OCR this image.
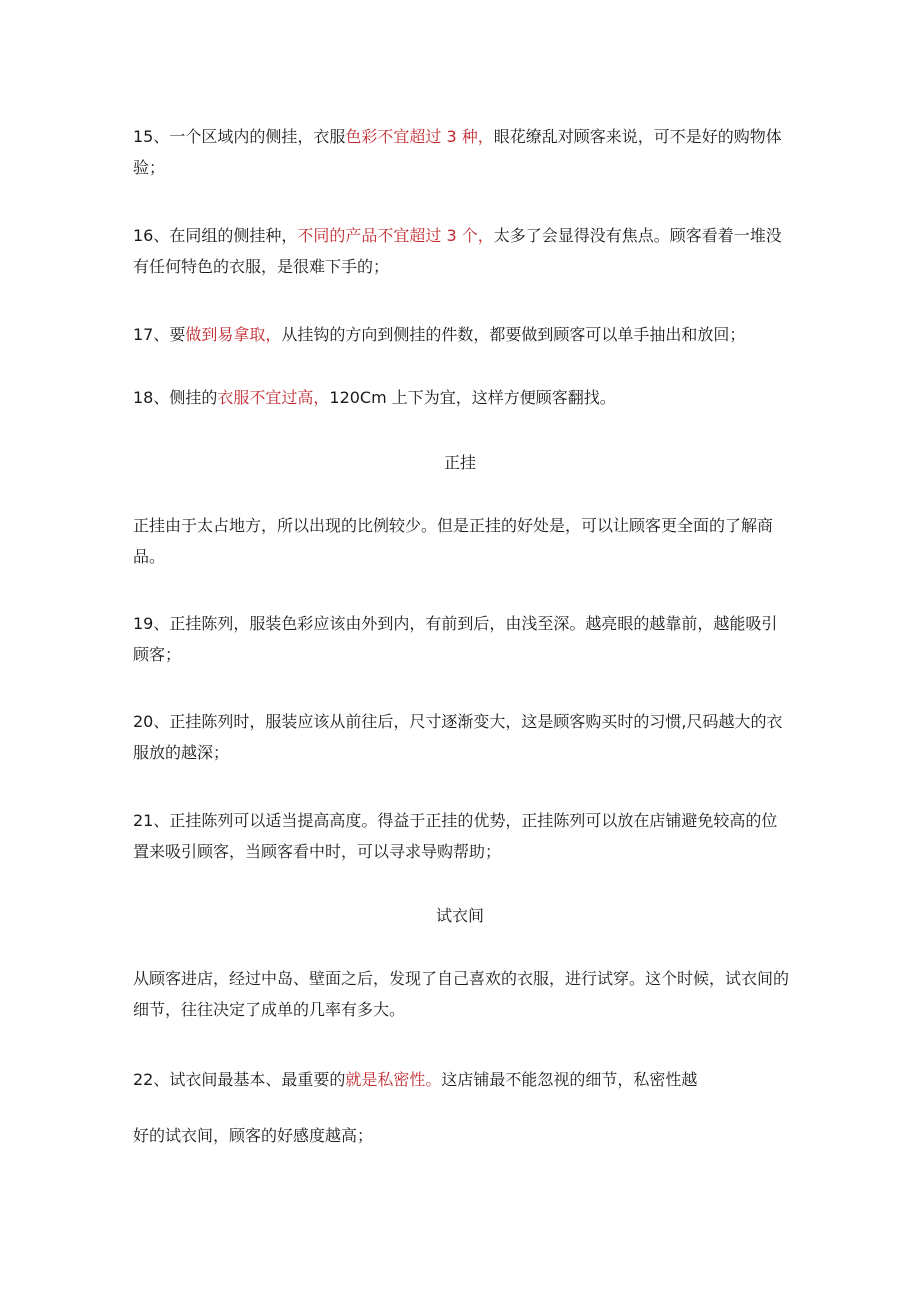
15、一个区域内的侧挂，衣服色彩不宜超过 3 种，眼花缭乱对顾客来说，可不是好的购物体验；

16、在同组的侧挂种，不同的产品不宜超过 3 个，太多了会显得没有焦点。顾客看着一堆没有任何特色的衣服，是很难下手的；

17、要做到易拿取，从挂钩的方向到侧挂的件数，都要做到顾客可以单手抽出和放回；

18、侧挂的衣服不宜过高，120Cm 上下为宜，这样方便顾客翻找。

正挂

正挂由于太占地方，所以出现的比例较少。但是正挂的好处是，可以让顾客更全面的了解商品。

19、正挂陈列，服装色彩应该由外到内，有前到后，由浅至深。越亮眼的越靠前，越能吸引顾客；

20、正挂陈列时，服装应该从前往后，尺寸逐渐变大，这是顾客购买时的习惯,尺码越大的衣服放的越深；

21、正挂陈列可以适当提高高度。得益于正挂的优势，正挂陈列可以放在店铺避免较高的位置来吸引顾客，当顾客看中时，可以寻求导购帮助；

试衣间

从顾客进店，经过中岛、壁面之后，发现了自己喜欢的衣服，进行试穿。这个时候，试衣间的细节，往往决定了成单的几率有多大。

22、试衣间最基本、最重要的就是私密性。这店铺最不能忽视的细节，私密性越

好的试衣间，顾客的好感度越高；
